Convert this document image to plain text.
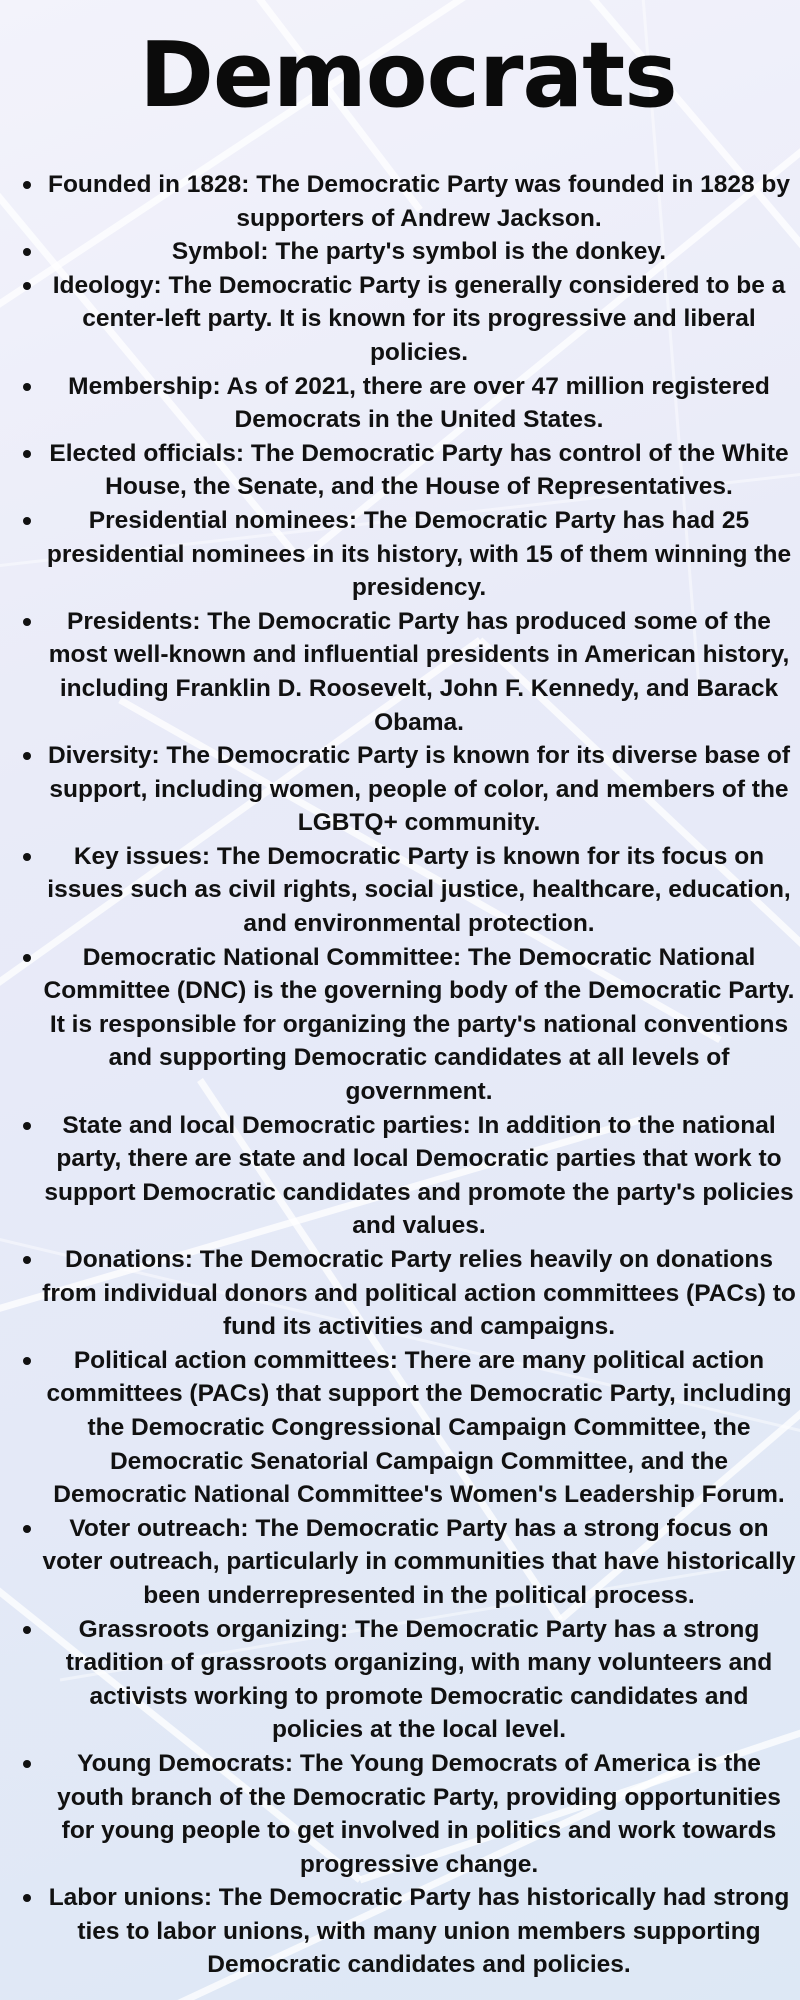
Democrats
Founded in 1828: The Democratic Party was founded in 1828 by supporters of Andrew Jackson.
Symbol: The party's symbol is the donkey.
Ideology: The Democratic Party is generally considered to be a center-left party. It is known for its progressive and liberal policies.
Membership: As of 2021, there are over 47 million registered Democrats in the United States.
Elected officials: The Democratic Party has control of the White House, the Senate, and the House of Representatives.
Presidential nominees: The Democratic Party has had 25 presidential nominees in its history, with 15 of them winning the presidency.
Presidents: The Democratic Party has produced some of the most well-known and influential presidents in American history, including Franklin D. Roosevelt, John F. Kennedy, and Barack Obama.
Diversity: The Democratic Party is known for its diverse base of support, including women, people of color, and members of the LGBTQ+ community.
Key issues: The Democratic Party is known for its focus on issues such as civil rights, social justice, healthcare, education, and environmental protection.
Democratic National Committee: The Democratic National Committee (DNC) is the governing body of the Democratic Party. It is responsible for organizing the party's national conventions and supporting Democratic candidates at all levels of government.
State and local Democratic parties: In addition to the national party, there are state and local Democratic parties that work to support Democratic candidates and promote the party's policies and values.
Donations: The Democratic Party relies heavily on donations from individual donors and political action committees (PACs) to fund its activities and campaigns.
Political action committees: There are many political action committees (PACs) that support the Democratic Party, including the Democratic Congressional Campaign Committee, the Democratic Senatorial Campaign Committee, and the Democratic National Committee's Women's Leadership Forum.
Voter outreach: The Democratic Party has a strong focus on voter outreach, particularly in communities that have historically been underrepresented in the political process.
Grassroots organizing: The Democratic Party has a strong tradition of grassroots organizing, with many volunteers and activists working to promote Democratic candidates and policies at the local level.
Young Democrats: The Young Democrats of America is the youth branch of the Democratic Party, providing opportunities for young people to get involved in politics and work towards progressive change.
Labor unions: The Democratic Party has historically had strong ties to labor unions, with many union members supporting Democratic candidates and policies.
